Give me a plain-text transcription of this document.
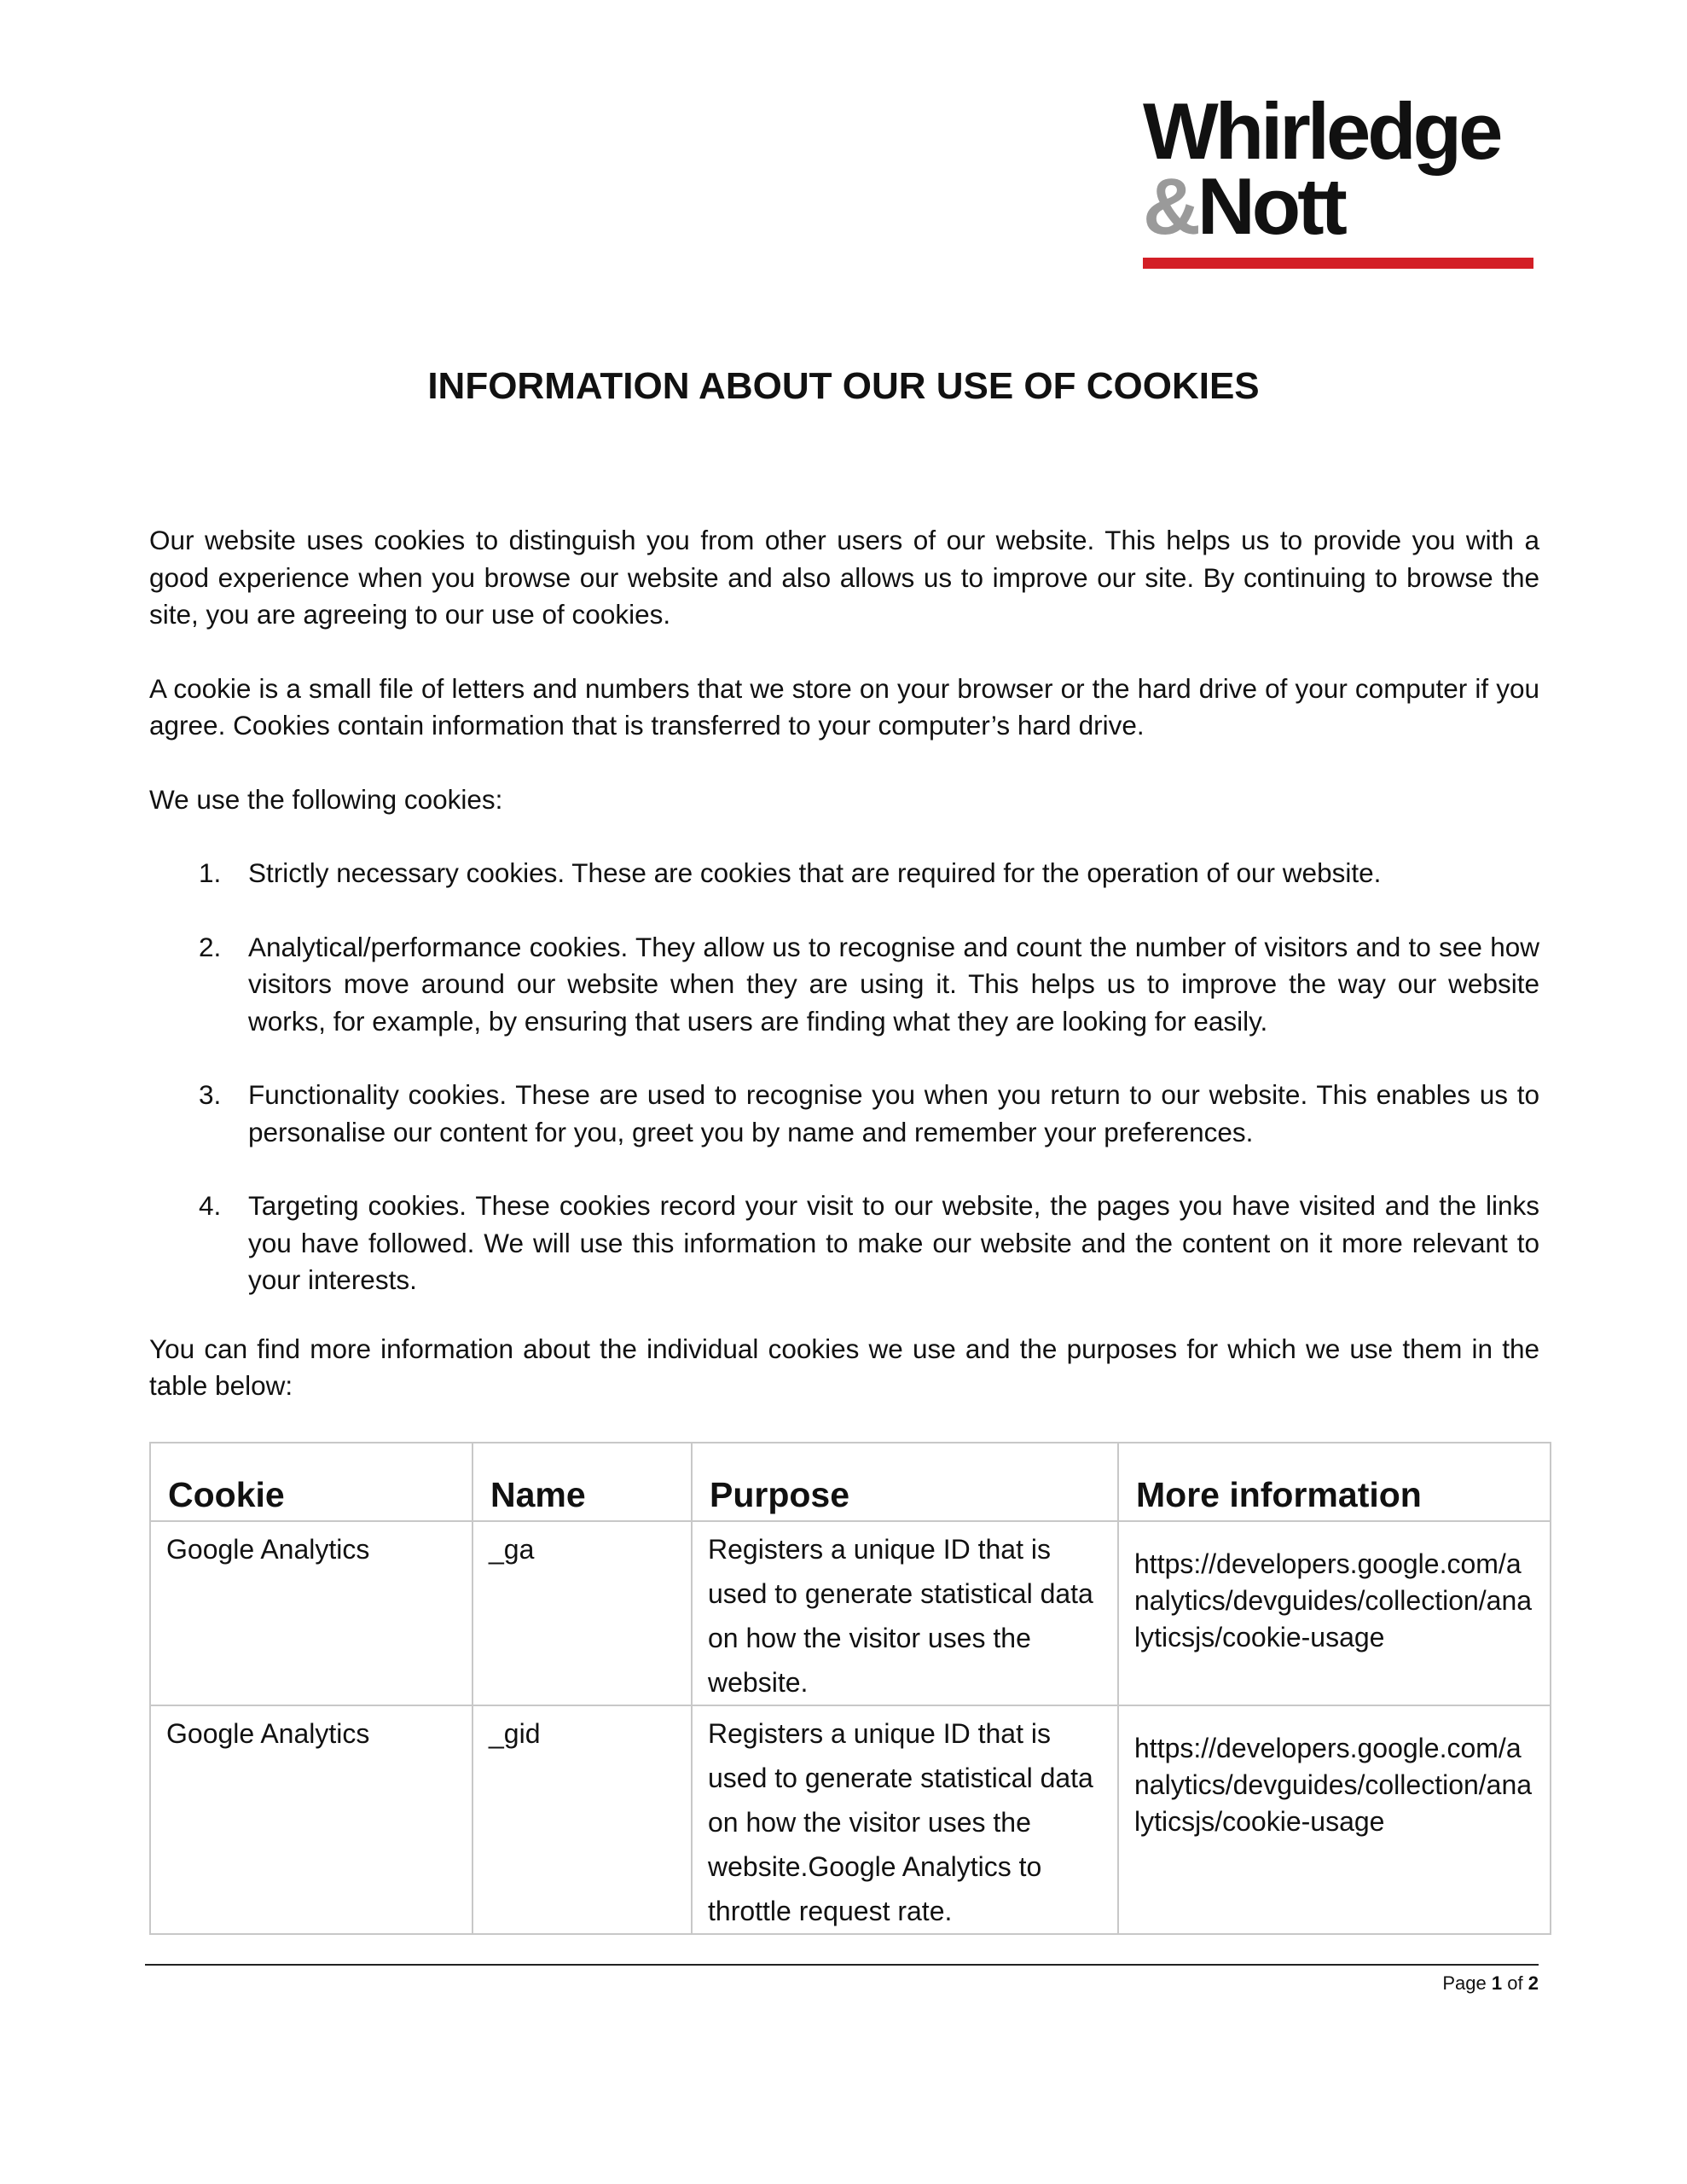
Whirledge
&Nott
INFORMATION ABOUT OUR USE OF COOKIES

Our website uses cookies to distinguish you from other users of our website. This helps us to provide you with a good experience when you browse our website and also allows us to improve our site. By continuing to browse the site, you are agreeing to our use of cookies.

A cookie is a small file of letters and numbers that we store on your browser or the hard drive of your computer if you agree. Cookies contain information that is transferred to your computer’s hard drive.

We use the following cookies:

1. Strictly necessary cookies. These are cookies that are required for the operation of our website.
2. Analytical/performance cookies. They allow us to recognise and count the number of visitors and to see how visitors move around our website when they are using it. This helps us to improve the way our website works, for example, by ensuring that users are finding what they are looking for easily.
3. Functionality cookies. These are used to recognise you when you return to our website. This enables us to personalise our content for you, greet you by name and remember your preferences.
4. Targeting cookies. These cookies record your visit to our website, the pages you have visited and the links you have followed. We will use this information to make our website and the content on it more relevant to your interests.

You can find more information about the individual cookies we use and the purposes for which we use them in the table below:

Cookie	Name	Purpose	More information
Google Analytics	_ga	Registers a unique ID that is used to generate statistical data on how the visitor uses the website.	https://developers.google.com/analytics/devguides/collection/analyticsjs/cookie-usage
Google Analytics	_gid	Registers a unique ID that is used to generate statistical data on how the visitor uses the website.Google Analytics to throttle request rate.	https://developers.google.com/analytics/devguides/collection/analyticsjs/cookie-usage
Page 1 of 2
